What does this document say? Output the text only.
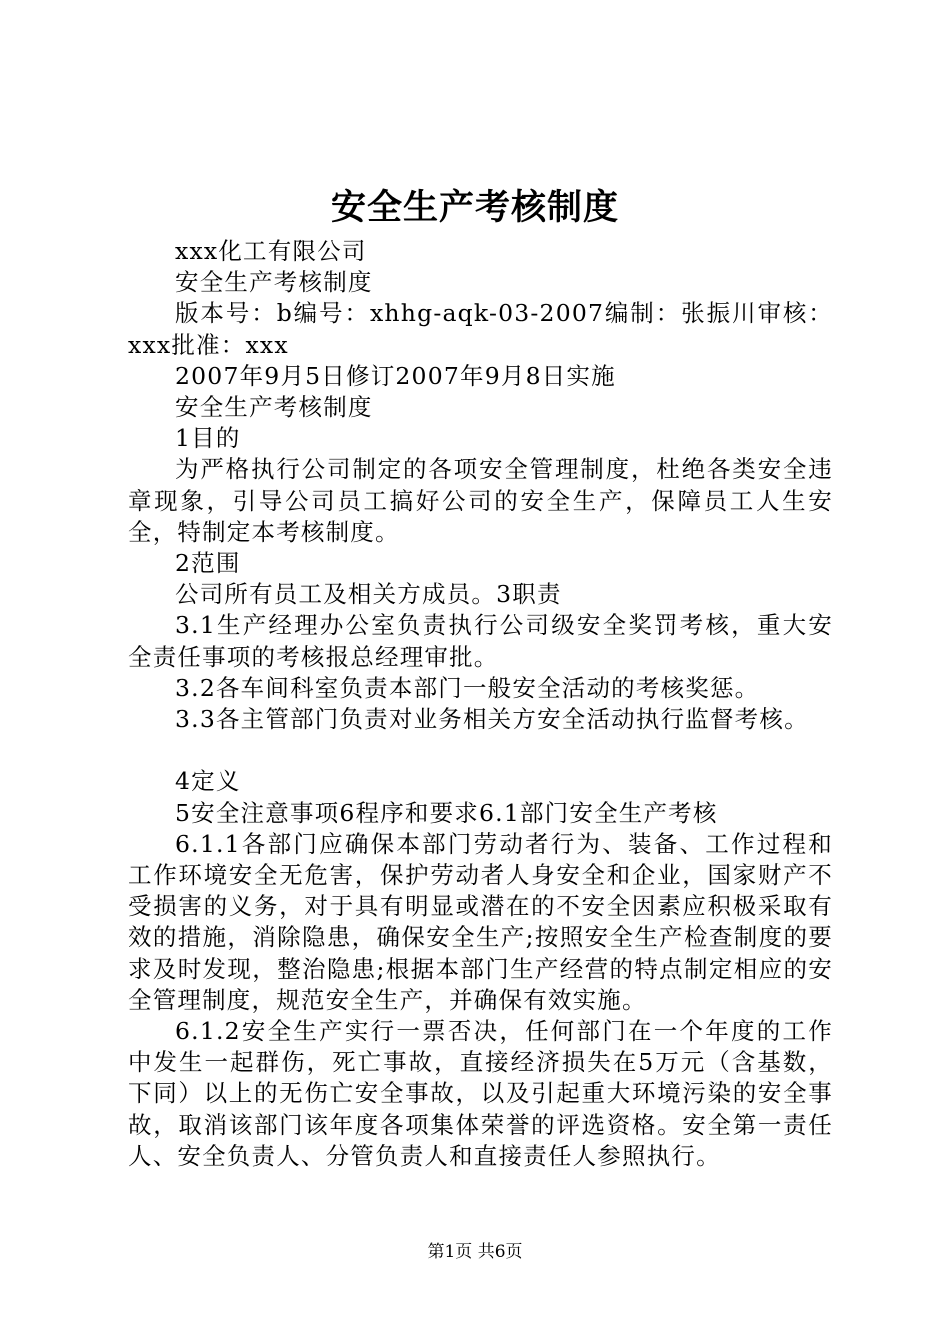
安全生产考核制度

xxx化工有限公司

安全生产考核制度

版本号：b编号：xhhg-aqk-03-2007编制：张振川审核：xxx批准：xxx

2007年9月5日修订2007年9月8日实施

安全生产考核制度

1目的

为严格执行公司制定的各项安全管理制度，杜绝各类安全违章现象，引导公司员工搞好公司的安全生产，保障员工人生安全，特制定本考核制度。

2范围

公司所有员工及相关方成员。3职责

3.1生产经理办公室负责执行公司级安全奖罚考核，重大安全责任事项的考核报总经理审批。

3.2各车间科室负责本部门一般安全活动的考核奖惩。

3.3各主管部门负责对业务相关方安全活动执行监督考核。

4定义

5安全注意事项6程序和要求6.1部门安全生产考核

6.1.1各部门应确保本部门劳动者行为、装备、工作过程和工作环境安全无危害，保护劳动者人身安全和企业，国家财产不受损害的义务，对于具有明显或潜在的不安全因素应积极采取有效的措施，消除隐患，确保安全生产;按照安全生产检查制度的要求及时发现，整治隐患;根据本部门生产经营的特点制定相应的安全管理制度，规范安全生产，并确保有效实施。

6.1.2安全生产实行一票否决，任何部门在一个年度的工作中发生一起群伤，死亡事故，直接经济损失在5万元（含基数，下同）以上的无伤亡安全事故，以及引起重大环境污染的安全事故，取消该部门该年度各项集体荣誉的评选资格。安全第一责任人、安全负责人、分管负责人和直接责任人参照执行。

第1页 共6页
